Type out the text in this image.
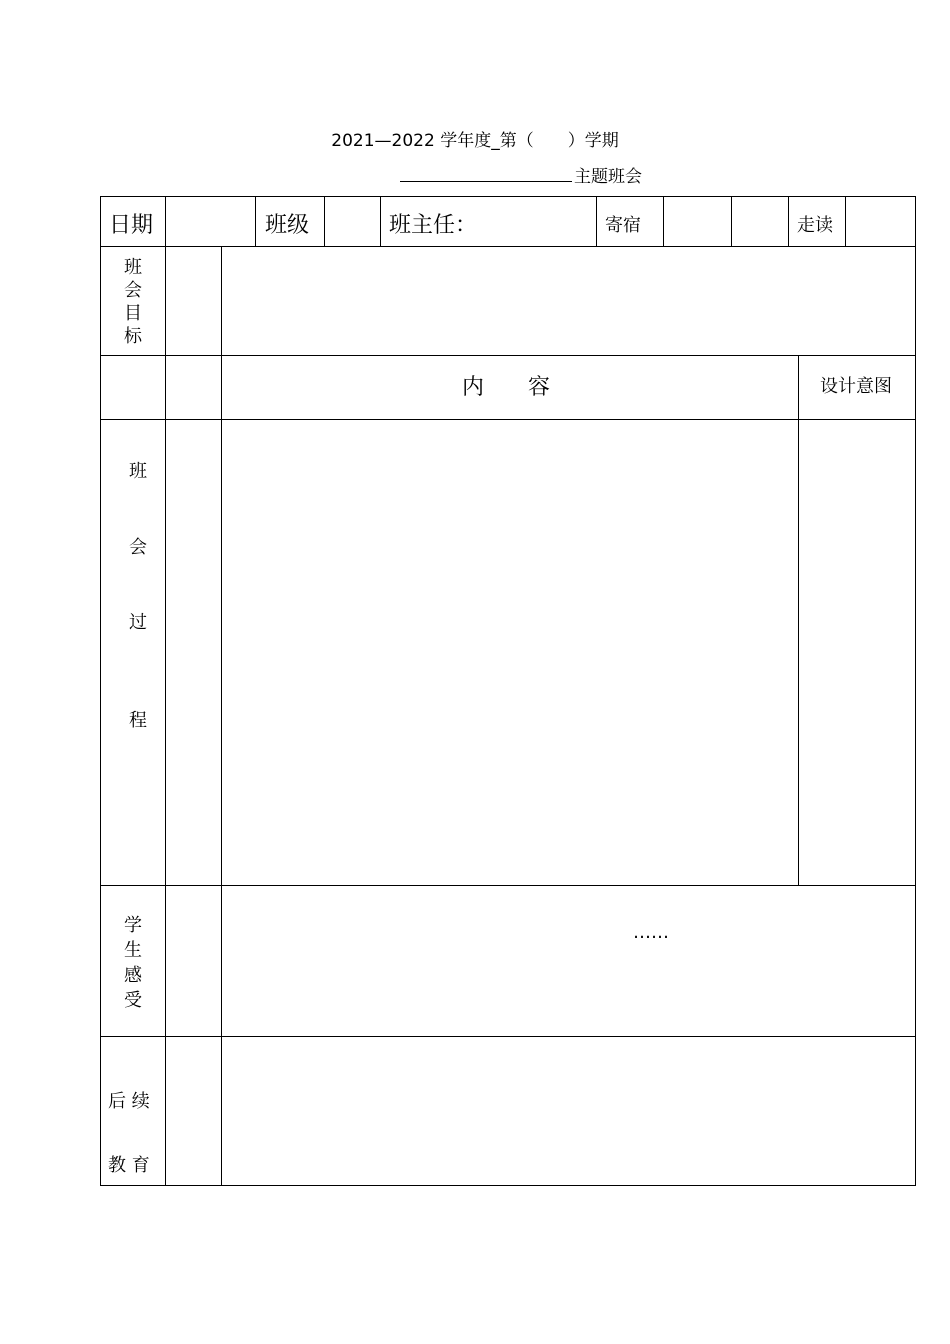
2021—2022 学年度_第（　　）学期
主题班会
日期	班级	班主任：	寄宿	走读
班
会
目
标
内　　容	设计意图
班
会
过
程
学
生
感
受
……
后 续
教 育
